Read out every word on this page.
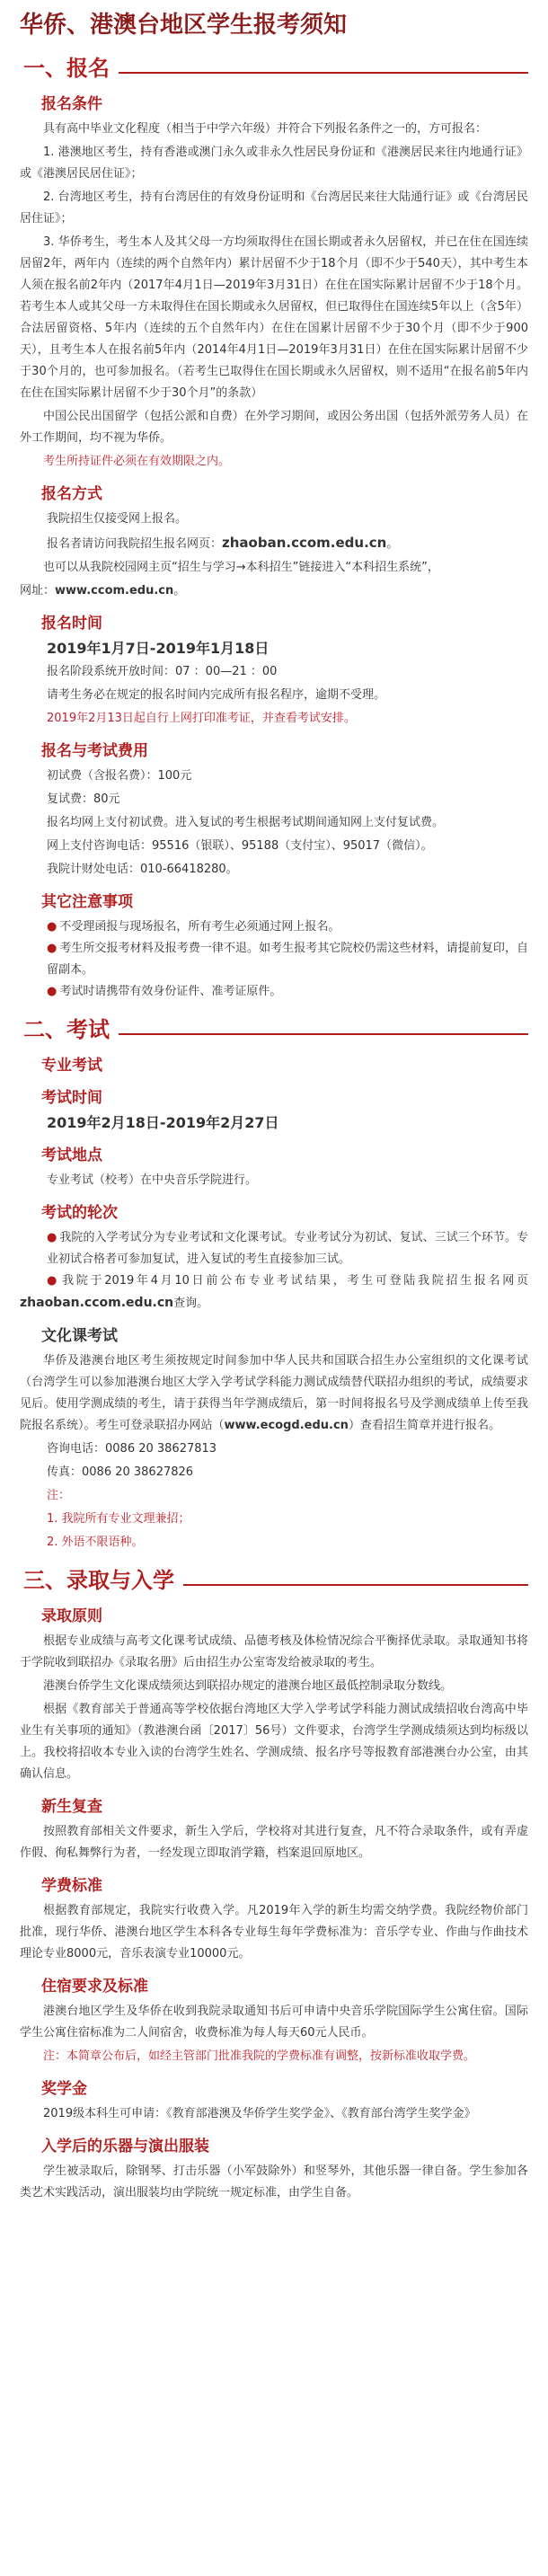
华侨、港澳台地区学生报考须知
一、报名
报名条件

具有高中毕业文化程度（相当于中学六年级）并符合下列报名条件之一的，方可报名：

1. 港澳地区考生，持有香港或澳门永久或非永久性居民身份证和《港澳居民来往内地通行证》或《港澳居民居住证》；

2. 台湾地区考生，持有台湾居住的有效身份证明和《台湾居民来往大陆通行证》或《台湾居民居住证》；

3. 华侨考生，考生本人及其父母一方均须取得住在国长期或者永久居留权，并已在住在国连续居留2年，两年内（连续的两个自然年内）累计居留不少于18个月（即不少于540天），其中考生本人须在报名前2年内（2017年4月1日—2019年3月31日）在住在国实际累计居留不少于18个月。若考生本人或其父母一方未取得住在国长期或永久居留权，但已取得住在国连续5年以上（含5年）合法居留资格、5年内（连续的五个自然年内）在住在国累计居留不少于30个月（即不少于900天），且考生本人在报名前5年内（2014年4月1日—2019年3月31日）在住在国实际累计居留不少于30个月的，也可参加报名。（若考生已取得住在国长期或永久居留权，则不适用“在报名前5年内在住在国实际累计居留不少于30个月”的条款）

中国公民出国留学（包括公派和自费）在外学习期间，或因公务出国（包括外派劳务人员）在外工作期间，均不视为华侨。

考生所持证件必须在有效期限之内。

报名方式

我院招生仅接受网上报名。

报名者请访问我院招生报名网页：zhaoban.ccom.edu.cn。

也可以从我院校园网主页“招生与学习→本科招生”链接进入“本科招生系统”，

网址：www.ccom.edu.cn。

报名时间

2019年1月7日-2019年1月18日

报名阶段系统开放时间：07 ：00—21 ：00

请考生务必在规定的报名时间内完成所有报名程序，逾期不受理。

2019年2月13日起自行上网打印准考证，并查看考试安排。

报名与考试费用

初试费（含报名费）：100元

复试费：80元

报名均网上支付初试费。进入复试的考生根据考试期间通知网上支付复试费。

网上支付咨询电话：95516（银联）、95188（支付宝）、95017（微信）。

我院计财处电话：010-66418280。

其它注意事项

● 不受理函报与现场报名，所有考生必须通过网上报名。

● 考生所交报考材料及报考费一律不退。如考生报考其它院校仍需这些材料，请提前复印，自留副本。

● 考试时请携带有效身份证件、准考证原件。

二、考试
专业考试
考试时间

2019年2月18日-2019年2月27日

考试地点

专业考试（校考）在中央音乐学院进行。

考试的轮次

● 我院的入学考试分为专业考试和文化课考试。专业考试分为初试、复试、三试三个环节。专业初试合格者可参加复试，进入复试的考生直接参加三试。

● 我院于2019年4月10日前公布专业考试结果，考生可登陆我院招生报名网页zhaoban.ccom.edu.cn查询。

文化课考试

华侨及港澳台地区考生须按规定时间参加中华人民共和国联合招生办公室组织的文化课考试（台湾学生可以参加港澳台地区大学入学考试学科能力测试成绩替代联招办组织的考试，成绩要求见后。使用学测成绩的考生，请于获得当年学测成绩后，第一时间将报名号及学测成绩单上传至我院报名系统）。考生可登录联招办网站（www.ecogd.edu.cn）查看招生简章并进行报名。

咨询电话：0086 20 38627813

传真：0086 20 38627826

注：

1. 我院所有专业文理兼招；

2. 外语不限语种。

三、录取与入学
录取原则

根据专业成绩与高考文化课考试成绩、品德考核及体检情况综合平衡择优录取。录取通知书将于学院收到联招办《录取名册》后由招生办公室寄发给被录取的考生。

港澳台侨学生文化课成绩须达到联招办规定的港澳台地区最低控制录取分数线。

根据《教育部关于普通高等学校依据台湾地区大学入学考试学科能力测试成绩招收台湾高中毕业生有关事项的通知》（教港澳台函〔2017〕56号）文件要求，台湾学生学测成绩须达到均标级以上。我校将招收本专业入读的台湾学生姓名、学测成绩、报名序号等报教育部港澳台办公室，由其确认信息。

新生复查

按照教育部相关文件要求，新生入学后，学校将对其进行复查，凡不符合录取条件，或有弄虚作假、徇私舞弊行为者，一经发现立即取消学籍，档案退回原地区。

学费标准

根据教育部规定，我院实行收费入学。凡2019年入学的新生均需交纳学费。我院经物价部门批准，现行华侨、港澳台地区学生本科各专业每生每年学费标准为：音乐学专业、作曲与作曲技术理论专业8000元，音乐表演专业10000元。

住宿要求及标准

港澳台地区学生及华侨在收到我院录取通知书后可申请中央音乐学院国际学生公寓住宿。国际学生公寓住宿标准为二人间宿舍，收费标准为每人每天60元人民币。

注：本简章公布后，如经主管部门批准我院的学费标准有调整，按新标准收取学费。

奖学金

2019级本科生可申请：《教育部港澳及华侨学生奖学金》、《教育部台湾学生奖学金》

入学后的乐器与演出服装

学生被录取后，除钢琴、打击乐器（小军鼓除外）和竖琴外，其他乐器一律自备。学生参加各类艺术实践活动，演出服装均由学院统一规定标准，由学生自备。
